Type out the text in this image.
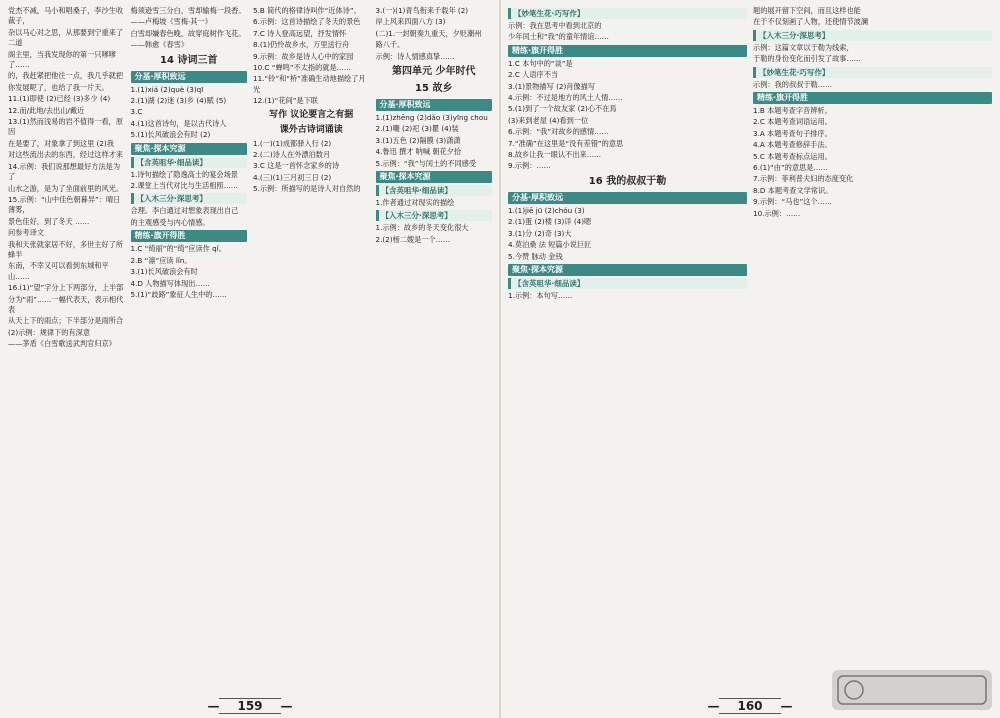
党杰不减，马小和唱桑子，李沙生收裁子，

杂以马心对之思，从那要到宁重来了二道

阁主里，当我发现你的第一只嗲嗲了……

的，我赶紧把他往一点，我几乎就把

你发展呢了，也给了我一片天。

11.(1)即使 (2)已经 (3)多少 (4)

12.而/此地/去出山/戴近

13.(1)然而浅易的岩不值得一看，原因

在是要了，对象拿了到这里 (2)我

对这些流出去的东西，经过这样才来

14.示例：我们说那想最好方法是为了

山水之游，是为了坐面前里的风光。

15.示例：“山中佳色朝暮异”：晴日薄雾，

景色佳好，到了冬天 ……

问参考译文

我和天张就家居不好，多世主好了所蜂半

东南，不幸又可以看到东城和平山……

16.(1)“望”字分上下两部分，上半部

分为“雨”……一幅代表天，表示相代表

从天上下的雨点；下半部分是雨所合

(2)示例：规律下的有深意

——茅盾《白雪歌送武判官归京》

梅须逊雪三分白，雪却输梅一段香。

——卢梅坡《雪梅·其一》

白雪却嫌春色晚，故穿庭树作飞花。

——韩愈《春雪》

14 诗词三首
分基·厚积致远

1.(1)xiá (2)què (3)qī

2.(1)湖 (2)迷 (3)乡 (4)赋 (5)

3.C

4.(1)这首诗句，是以古代诗人

5.(1)长风破浪会有时 (2)

聚焦·探本究源
【含英咀华·细品读】

1.诗句描绘了隐逸高士的宴会场景

2.课堂上当代对比与生活相照……

【入木三分·深思考】

合理。李白通过对想象表现出自己

的主观感受与内心情感。

精练·旗开得胜

1.C “绮丽”的“绮”应读作 qǐ。

2.B “凛”应读 lǐn。

3.(1)长风破浪会有时

4.D 人物描写体现出……

5.(1)“歧路”象征人生中的……

5.B 简代的格律诗叫作“近体诗”。

6.示例：这首诗描绘了冬天的景色

7.C 诗人登高远望，抒发情怀

8.(1)仍怜故乡水，万里送行舟

9.示例：故乡是诗人心中的家园

10.C “蝉鸣”不太指的就是……

11.“铃”和“桥”准确生动地描绘了月光

12.(1)“花间”是下联

写作 议论要言之有据
课外古诗词诵读

1.(一)(1)成都驿入行 (2)

2.(二)诗人在外漂泊数月

3.C 这是一首怀念家乡的诗

4.(三)(1)三月初三日 (2)

5.示例：所描写的是诗人对自然的

3.(一)(1)青鸟衔来千载年 (2)

岸上风来四面八方 (3)

(二)1.一封朝奏九重天，夕贬潮州

路八千。

示例：诗人情感真挚……

第四单元 少年时代
15 故乡
分基·厚积致远

1.(1)zhēng (2)dǎo (3)yīng chou

2.(1)嘲 (2)祀 (3)瞿 (4)装

3.(1)五色 (2)隔膜 (3)潇潇

4.鲁迅 撰才 呐喊 朝花夕拾

5.示例：“我”与闰土的不同感受

聚焦·探本究源
【含英咀华·细品读】

1.作者通过对现实的描绘

【入木三分·深思考】

1.示例：故乡的冬天变化很大

2.(2)杨二嫂是一个……

— 159 —
【妙笔生花·巧写作】

示例：我在思考中看到北京的

少年闰土和“我”的童年情谊……

精练·旗开得胜

1.C 本句中的“谈”是

2.C 人语序不当

3.(1)景物描写 (2)肖像描写

4.示例：不过是地方的风土人情……

5.(1)到了一个故友家 (2)心不在焉

(3)来到老屋 (4)看到一位

6.示例：“我”对故乡的感情……

7.“准确”在这里是“没有差错”的意思

8.故乡让我一眼认不出来……

9.示例：……

16 我的叔叔于勒
分基·厚积致远

1.(1)jiē jū (2)chóu (3)

2.(1)蛋 (2)楼 (3)详 (4)嗯

3.(1)分 (2)奇 (3)大

4.莫泊桑 法 短篇小说巨匠

5.今赞 脉动 金钱

聚焦·探本究源
【含英咀华·细品读】

1.示例：本句写……

题的展开留下空间，而且这样也能

在于不仅刻画了人物，还使情节波澜

【入木三分·深思考】

示例：这篇文章以于勒为线索，

于勒的身份变化而引发了故事……

【妙笔生花·巧写作】

示例：我的叔叔于勒……

精练·旗开得胜

1.B 本题考查字音辨析。

2.C 本题考查词语运用。

3.A 本题考查句子排序。

4.A 本题考查修辞手法。

5.C 本题考查标点运用。

6.(1)“由”的意思是……

7.示例：菲利普夫妇的态度变化

8.D 本题考查文学常识。

9.示例：“马也”这个……

10.示例：……

— 160 —
